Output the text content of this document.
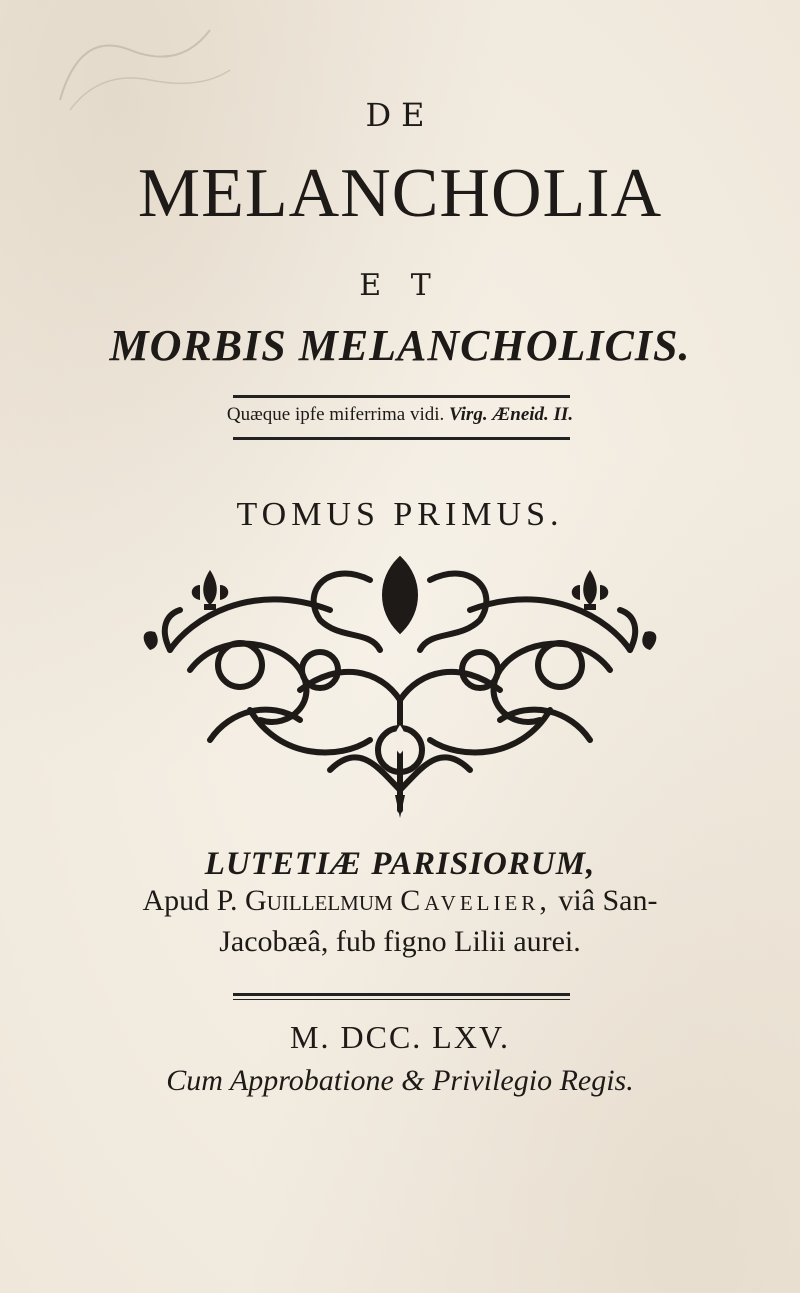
DE
MELANCHOLIA
E T
MORBIS MELANCHOLICIS.
Quæque ipfe miferrima vidi. Virg. Æneid. II.
TOMUS PRIMUS.
LUTETIÆ PARISIORUM,
Apud P. Guillelmum Cavelier, viâ San-
Jacobæâ, fub figno Lilii aurei.
M. DCC. LXV.
Cum Approbatione & Privilegio Regis.
